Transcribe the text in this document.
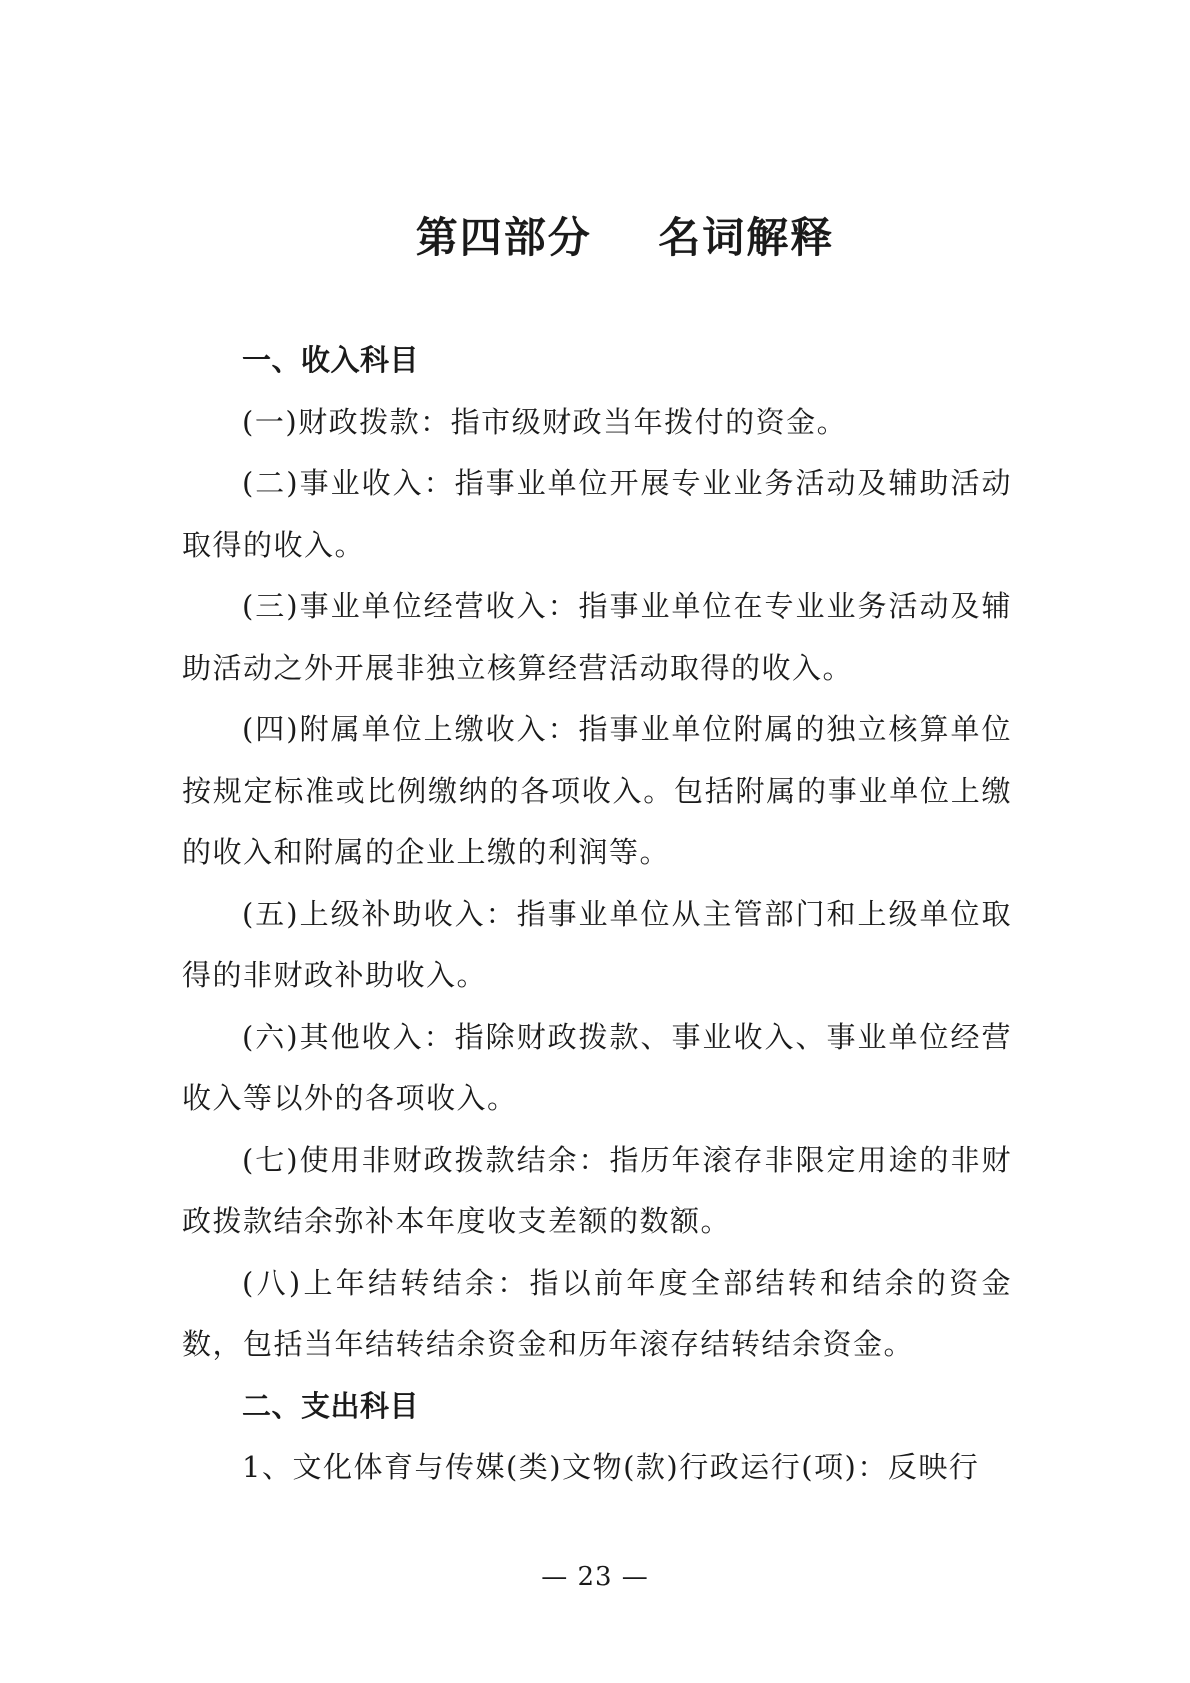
第四部分    名词解释

一、收入科目

(一)财政拨款：指市级财政当年拨付的资金。

(二)事业收入：指事业单位开展专业业务活动及辅助活动取得的收入。

(三)事业单位经营收入：指事业单位在专业业务活动及辅助活动之外开展非独立核算经营活动取得的收入。

(四)附属单位上缴收入：指事业单位附属的独立核算单位按规定标准或比例缴纳的各项收入。包括附属的事业单位上缴的收入和附属的企业上缴的利润等。

(五)上级补助收入：指事业单位从主管部门和上级单位取得的非财政补助收入。

(六)其他收入：指除财政拨款、事业收入、事业单位经营收入等以外的各项收入。

(七)使用非财政拨款结余：指历年滚存非限定用途的非财政拨款结余弥补本年度收支差额的数额。

(八)上年结转结余：指以前年度全部结转和结余的资金数，包括当年结转结余资金和历年滚存结转结余资金。

二、支出科目

1、文化体育与传媒(类)文物(款)行政运行(项)：反映行

— 23 —
